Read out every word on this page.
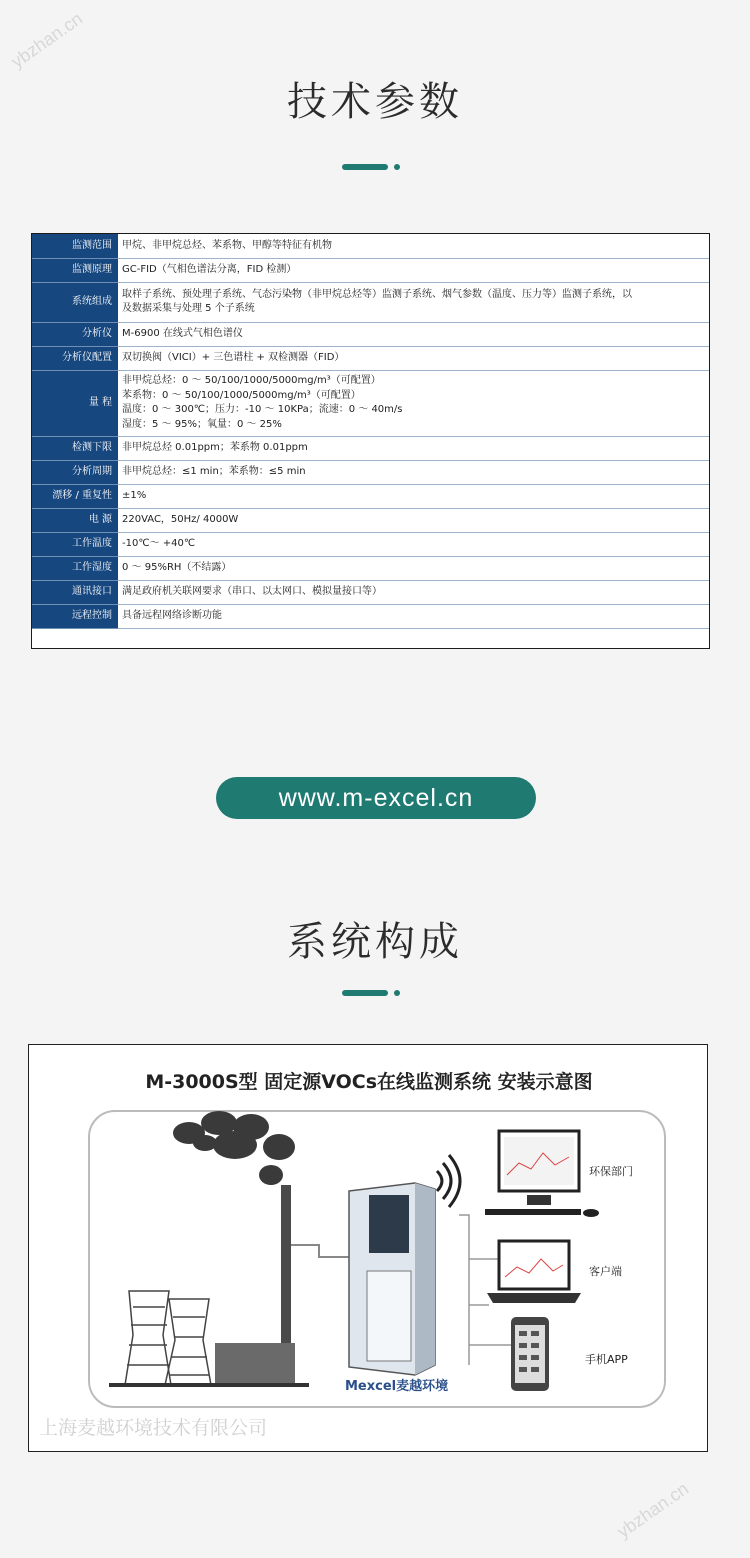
ybzhan.cn
ybzhan.cn
技术参数
监测范围	甲烷、非甲烷总烃、苯系物、甲醇等特征有机物

监测原理	GC-FID（气相色谱法分离，FID 检测）

系统组成	取样子系统、预处理子系统、气态污染物（非甲烷总烃等）监测子系统、烟气参数（温度、压力等）监测子系统，以
及数据采集与处理 5 个子系统

分析仪	M-6900 在线式气相色谱仪

分析仪配置	双切换阀（VICI）+ 三色谱柱 + 双检测器（FID）

量 程	非甲烷总烃：0 ～ 50/100/1000/5000mg/m³（可配置）
苯系物：0 ～ 50/100/1000/5000mg/m³（可配置）
温度：0 ～ 300℃；压力：-10 ～ 10KPa；流速：0 ～ 40m/s
湿度：5 ～ 95%；氧量：0 ～ 25%

检测下限	非甲烷总烃 0.01ppm；苯系物 0.01ppm

分析周期	非甲烷总烃：≤1 min；苯系物：≤5 min

漂移 / 重复性	±1%

电 源	220VAC，50Hz/ 4000W

工作温度	-10℃～ +40℃

工作湿度	0 ～ 95%RH（不结露）

通讯接口	满足政府机关联网要求（串口、以太网口、模拟量接口等）

远程控制	具备远程网络诊断功能
www.m-excel.cn
系统构成
M-3000S型 固定源VOCs在线监测系统 安装示意图
环保部门
客户端
手机APP
Mexcel麦越环境
上海麦越环境技术有限公司
